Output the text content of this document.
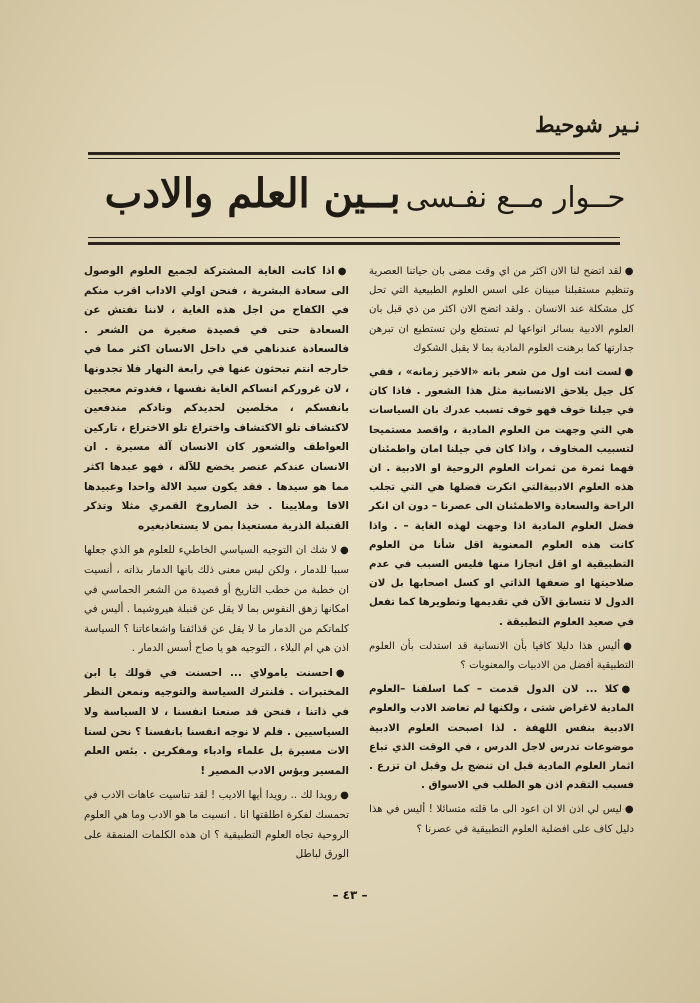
نـير شوحيط
حــوار مــع نفـسى بــين العلم والادب

●لقد اتضح لنا الان اكثر من اي وقت مضى بان حياتنا العصرية وتنظيم مستقبلنا مبينان على اسس العلوم الطبيعية التي تحل كل مشكلة عند الانسان . ولقد اتضح الان اكثر من ذي قبل بان العلوم الادبية بسائر انواعها لم تستطع ولن تستطيع ان تبرهن جدارتها كما برهنت العلوم المادية بما لا يقبل الشكوك

●لست انت اول من شعر بانه «الاخير زمانه» ، ففي كل جيل يلاحق الانسانية مثل هذا الشعور . فاذا كان في جيلنا خوف فهو خوف تسبب عدرك بان السياسات هي التي وجهت من العلوم المادية ، واقصد مستميحا لتسبيب المخاوف ، واذا كان في جيلنا امان واطمئنان فهما ثمرة من ثمرات العلوم الروحية او الادبية . ان هذه العلوم الادبيةالتي انكرت فضلها هي التي تجلب الراحة والسعادة والاطمئنان الى عصرنا – دون ان انكر فضل العلوم المادية اذا وجهت لهذه الغاية – . واذا كانت هذه العلوم المعنوية اقل شأنا من العلوم التطبيقية او اقل انجازا منها فليس السبب في عدم صلاحيتها او ضعفها الذاتي او كسل اصحابها بل لان الدول لا تتسابق الآن في تقديمها وتطويرها كما تفعل في صعيد العلوم التطبيقة .

●أليس هذا دليلا كافيا بأن الانسانية قد استدلت بأن العلوم التطبيقية أفضل من الادبيات والمعنويات ؟

●كلا ... لان الدول قدمت – كما اسلفنا –العلوم المادية لاغراض شتى ، ولكنها لم تعاضد الادب والعلوم الادبية بنفس اللهفة . لذا اصبحت العلوم الادبية موضوعات تدرس لاجل الدرس ، في الوقت الذي تباع اثمار العلوم المادية قبل ان تنضج بل وقبل ان تزرع . فسبب التقدم اذن هو الطلب في الاسواق .

●ليس لي اذن الا ان اعود الى ما قلته متسائلا ! أليس في هذا دليل كاف على افضلية العلوم التطبيقية في عصرنا ؟

●اذا كانت الغاية المشتركة لجميع العلوم الوصول الى سعادة البشرية ، فنحن اولي الاداب اقرب منكم في الكفاح من اجل هذه الغاية ، لاننا نفتش عن السعادة حتى في قصيدة صغيرة من الشعر . فالسعادة عندناهي في داخل الانسان اكثر مما في خارجه انتم تبحثون عنها في رابعة النهار فلا تجدونها ، لان غروركم انساكم الغاية نفسها ، فغدوتم معجبين بانفسكم ، مخلصين لحديدكم ونادكم مندفعين لاكتشاف تلو الاكتشاف واختراع تلو الاختراع ، تاركين العواطف والشعور كان الانسان آلة مسيرة . ان الانسان عندكم عنصر يخضع للآلة ، فهو عبدها اكثر مما هو سيدها . فقد يكون سيد الالة واحدا وعبيدها الافا وملايينا . خذ الصاروخ القمري مثلا وتذكر القنبلة الذرية مستعيذا بمن لا يستعاذبغيره

●لا شك ان التوجيه السياسي الخاطيء للعلوم هو الذي جعلها سببا للدمار ، ولكن ليس معنى ذلك بانها الدمار بذاته ، أنسيت ان خطبة من خطب التاريخ أو قصيدة من الشعر الحماسي في امكانها زهق النفوس بما لا يقل عن قنبلة هيروشيما . أليس في كلماتكم من الدمار ما لا يقل عن قذائفنا واشعاعاتنا ؟ السياسة اذن هي ام البلاء ، التوجيه هو يا صاح أسس الدمار .

●احسنت يامولاي ... احسنت في قولك يا ابن المختبرات . فلنترك السياسة والتوجيه ونمعن النظر في ذاتنا ، فنحن قد صنعنا انفسنا ، لا السياسة ولا السياسيين . فلم لا نوجه انفسنا بانفسنا ؟ نحن لسنا الات مسيرة بل علماء وادباء ومفكرين . بئس العلم المسير وبؤس الادب المصير !

●رويدا لك .. رويدا أيها الاديب ! لقد تناسيت عاهات الادب في تحمسك لفكرة اطلقتها انا . انسيت ما هو الادب وما هي العلوم الروحية تجاه العلوم التطبيقية ؟ ان هذه الكلمات المنمقة على الورق لباطل

– ٤٣ –
